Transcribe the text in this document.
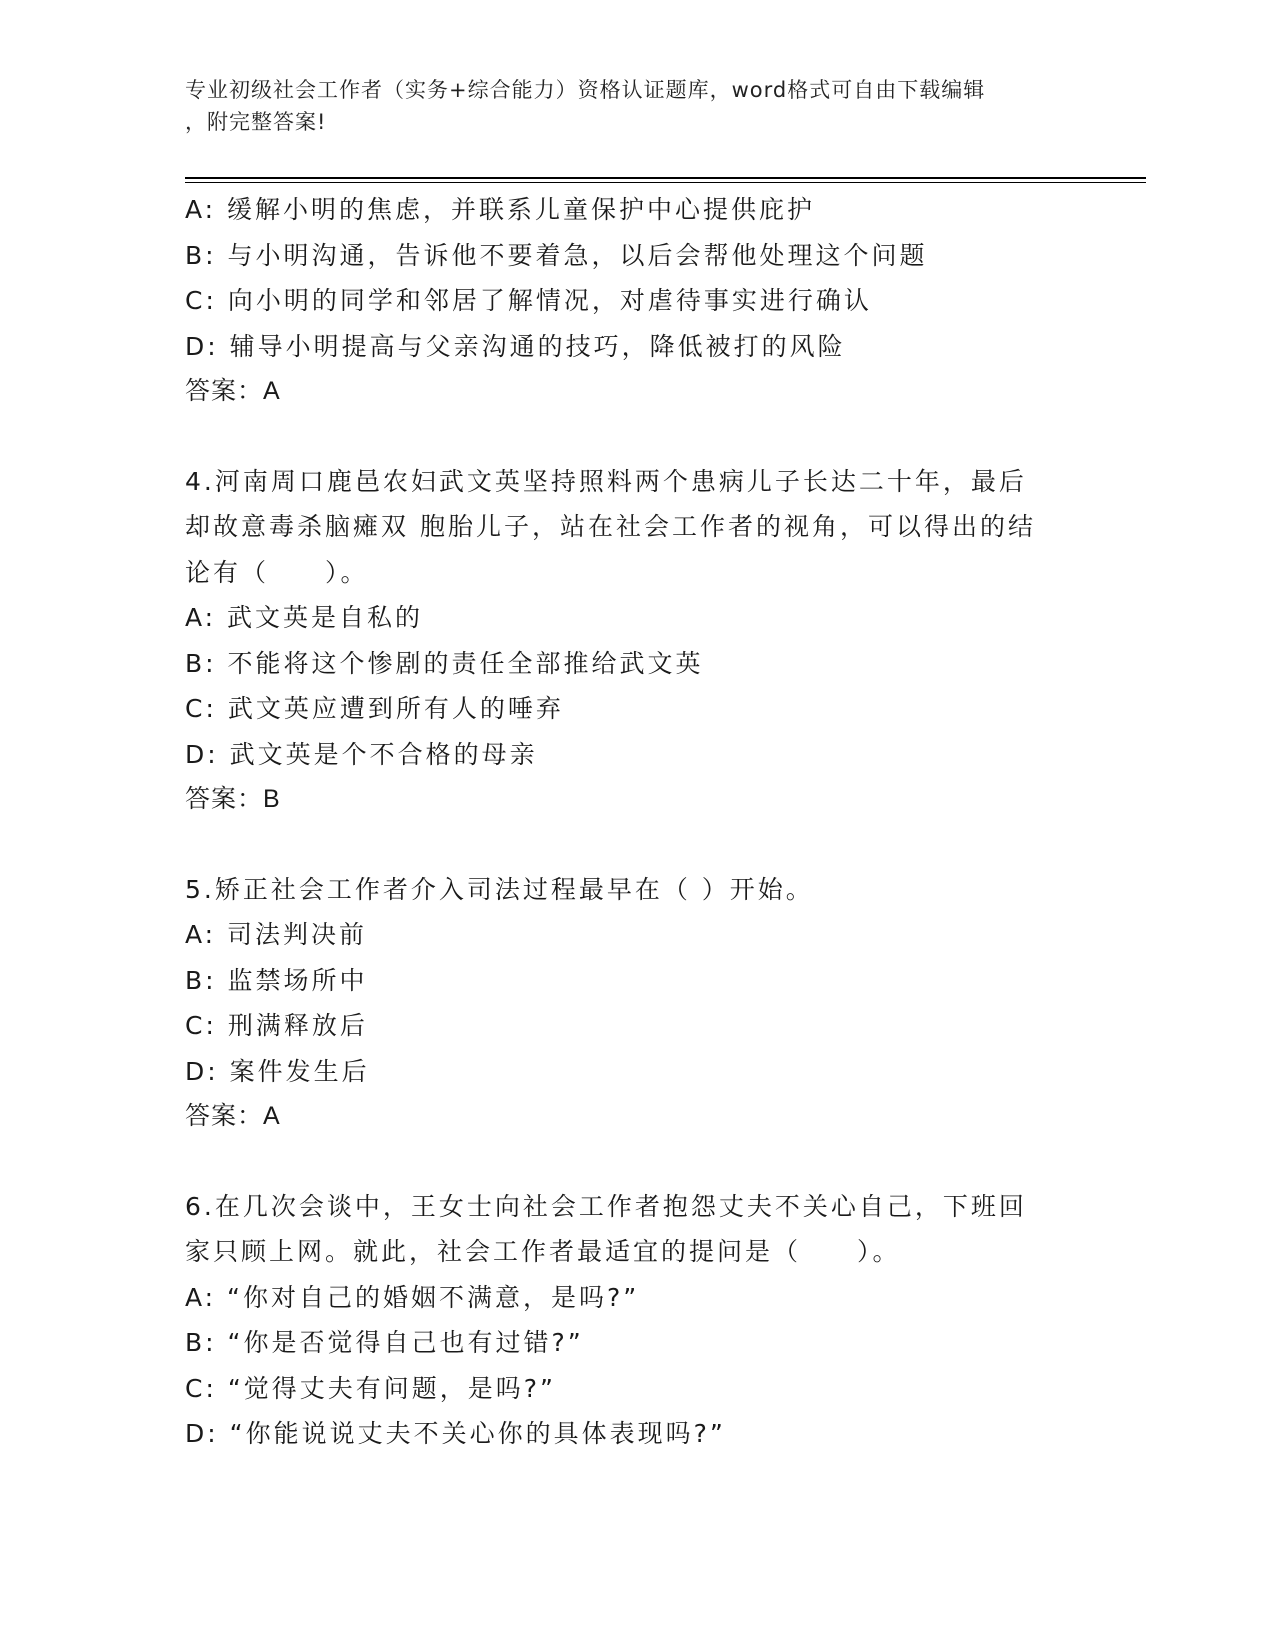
专业初级社会工作者（实务+综合能力）资格认证题库，word格式可自由下载编辑
，附完整答案!
A: 缓解小明的焦虑，并联系儿童保护中心提供庇护
B: 与小明沟通，告诉他不要着急，以后会帮他处理这个问题
C: 向小明的同学和邻居了解情况，对虐待事实进行确认
D: 辅导小明提高与父亲沟通的技巧，降低被打的风险
答案：A
4.河南周口鹿邑农妇武文英坚持照料两个患病儿子长达二十年，最后
却故意毒杀脑瘫双 胞胎儿子，站在社会工作者的视角，可以得出的结
论有（　　）。
A: 武文英是自私的
B: 不能将这个惨剧的责任全部推给武文英
C: 武文英应遭到所有人的唾弃
D: 武文英是个不合格的母亲
答案：B
5.矫正社会工作者介入司法过程最早在（ ）开始。
A: 司法判决前
B: 监禁场所中
C: 刑满释放后
D: 案件发生后
答案：A
6.在几次会谈中，王女士向社会工作者抱怨丈夫不关心自己，下班回
家只顾上网。就此，社会工作者最适宜的提问是（　　）。
A: “你对自己的婚姻不满意，是吗?”
B: “你是否觉得自己也有过错?”
C: “觉得丈夫有问题，是吗?”
D: “你能说说丈夫不关心你的具体表现吗?”
